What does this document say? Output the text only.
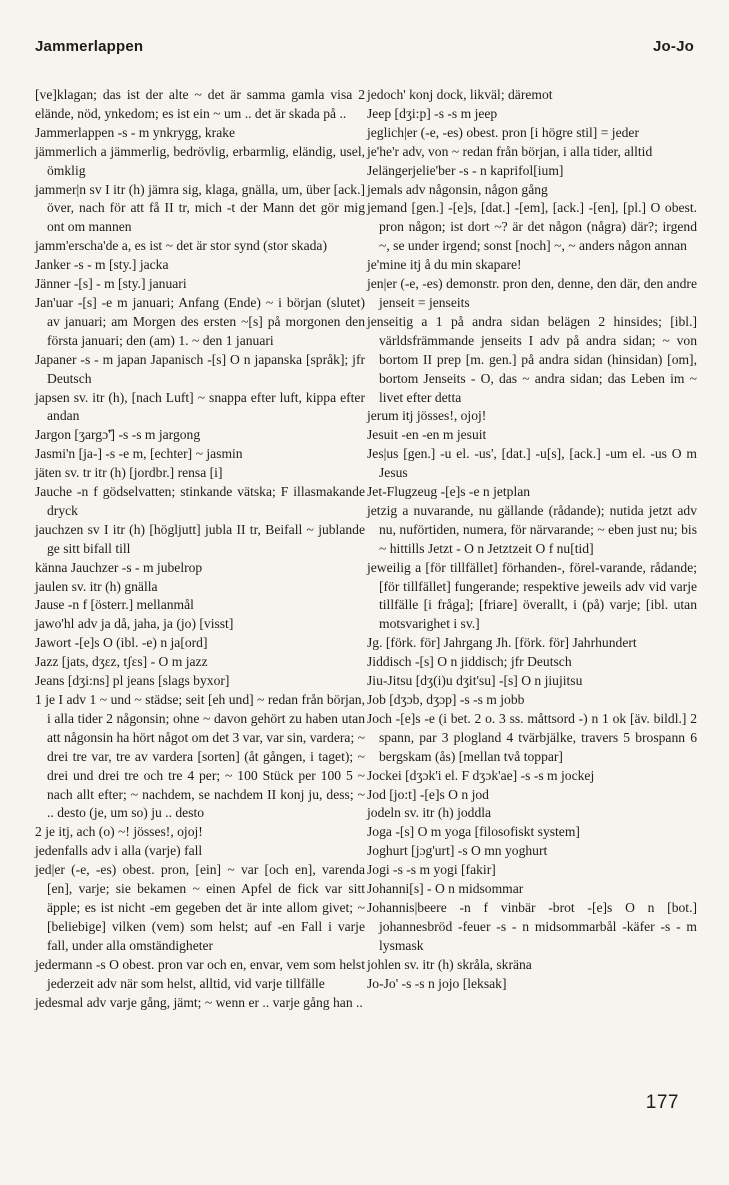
Jammerlappen	Jo-Jo

[ve]klagan; das ist der alte ~ det är samma gamla visa 2 elände, nöd, ynkedom; es ist ein ~ um .. det är skada på ..

Jammerlappen -s - m ynkrygg, krake

jämmerlich a jämmerlig, bedrövlig, erbarmlig, eländig, usel, ömklig

jammer|n sv I itr (h) jämra sig, klaga, gnälla, um, über [ack.] över, nach för att få II tr, mich -t der Mann det gör mig ont om mannen

jamm'erscha'de a, es ist ~ det är stor synd (stor skada)

Janker -s - m [sty.] jacka

Jänner -[s] - m [sty.] januari

Jan'uar -[s] -e m januari; Anfang (Ende) ~ i början (slutet) av januari; am Morgen des ersten ~[s] på morgonen den första januari; den (am) 1. ~ den 1 januari

Japaner -s - m japan Japanisch -[s] O n japanska [språk]; jfr Deutsch

japsen sv. itr (h), [nach Luft] ~ snappa efter luft, kippa efter andan

Jargon [ʒargɔ̃'] -s -s m jargong

Jasmi'n [ja-] -s -e m, [echter] ~ jasmin

jäten sv. tr itr (h) [jordbr.] rensa [i]

Jauche -n f gödselvatten; stinkande vätska; F illasmakande dryck

jauchzen sv I itr (h) [högljutt] jubla II tr, Beifall ~ jublande ge sitt bifall till

känna Jauchzer -s - m jubelrop

jaulen sv. itr (h) gnälla

Jause -n f [österr.] mellanmål

jawo'hl adv ja då, jaha, ja (jo) [visst]

Jawort -[e]s O (ibl. -e) n ja[ord]

Jazz [jats, dʒɛz, tʃɛs] - O m jazz

Jeans [dʒi:ns] pl jeans [slags byxor]

1 je I adv 1 ~ und ~ städse; seit [eh und] ~ redan från början, i alla tider 2 någonsin; ohne ~ davon gehört zu haben utan att någonsin ha hört något om det 3 var, var sin, vardera; ~ drei tre var, tre av vardera [sorten] (åt gången, i taget); ~ drei und drei tre och tre 4 per; ~ 100 Stück per 100 5 ~ nach allt efter; ~ nachdem, se nachdem II konj ju, dess; ~ .. desto (je, um so) ju .. desto

2 je itj, ach (o) ~! jösses!, ojoj!

jedenfalls adv i alla (varje) fall

jed|er (-e, -es) obest. pron, [ein] ~ var [och en], varenda [en], varje; sie bekamen ~ einen Apfel de fick var sitt äpple; es ist nicht -em gegeben det är inte allom givet; ~ [beliebige] vilken (vem) som helst; auf -en Fall i varje fall, under alla omständigheter

jedermann -s O obest. pron var och en, envar, vem som helst jederzeit adv när som helst, alltid, vid varje tillfälle

jedesmal adv varje gång, jämt; ~ wenn er .. varje gång han ..

jedoch' konj dock, likväl; däremot

Jeep [dʒi:p] -s -s m jeep

jeglich|er (-e, -es) obest. pron [i högre stil] = jeder

je'he'r adv, von ~ redan från början, i alla tider, alltid

Jelängerjelie'ber -s - n kaprifol[ium]

jemals adv någonsin, någon gång

jemand [gen.] -[e]s, [dat.] -[em], [ack.] -[en], [pl.] O obest. pron någon; ist dort ~? är det någon (några) där?; irgend ~, se under irgend; sonst [noch] ~, ~ anders någon annan

je'mine itj å du min skapare!

jen|er (-e, -es) demonstr. pron den, denne, den där, den andre jenseit = jenseits

jenseitig a 1 på andra sidan belägen 2 hinsides; [ibl.] världsfrämmande jenseits I adv på andra sidan; ~ von bortom II prep [m. gen.] på andra sidan (hinsidan) [om], bortom Jenseits - O, das ~ andra sidan; das Leben im ~ livet efter detta

jerum itj jösses!, ojoj!

Jesuit -en -en m jesuit

Jes|us [gen.] -u el. -us', [dat.] -u[s], [ack.] -um el. -us O m Jesus

Jet-Flugzeug -[e]s -e n jetplan

jetzig a nuvarande, nu gällande (rådande); nutida jetzt adv nu, nuförtiden, numera, för närvarande; ~ eben just nu; bis ~ hittills Jetzt - O n Jetztzeit O f nu[tid]

jeweilig a [för tillfället] förhanden-, förel-varande, rådande; [för tillfället] fungerande; respektive jeweils adv vid varje tillfälle [i fråga]; [friare] överallt, i (på) varje; [ibl. utan motsvarighet i sv.]

Jg. [förk. för] Jahrgang Jh. [förk. för] Jahrhundert

Jiddisch -[s] O n jiddisch; jfr Deutsch

Jiu-Jitsu [dʒ(i)u dʒit'su] -[s] O n jiujitsu

Job [dʒɔb, dʒɔp] -s -s m jobb

Joch -[e]s -e (i bet. 2 o. 3 ss. måttsord -) n 1 ok [äv. bildl.] 2 spann, par 3 plogland 4 tvärbjälke, travers 5 brospann 6 bergskam (ås) [mellan två toppar]

Jockei [dʒɔk'i el. F dʒɔk'ae] -s -s m jockej

Jod [jo:t] -[e]s O n jod

jodeln sv. itr (h) joddla

Joga -[s] O m yoga [filosofiskt system]

Joghurt [jɔg'urt] -s O mn yoghurt

Jogi -s -s m yogi [fakir]

Johanni[s] - O n midsommar

Johannis|beere -n f vinbär -brot -[e]s O n [bot.] johannesbröd -feuer -s - n midsommarbål -käfer -s - m lysmask

johlen sv. itr (h) skråla, skräna

Jo-Jo' -s -s n jojo [leksak]

177
